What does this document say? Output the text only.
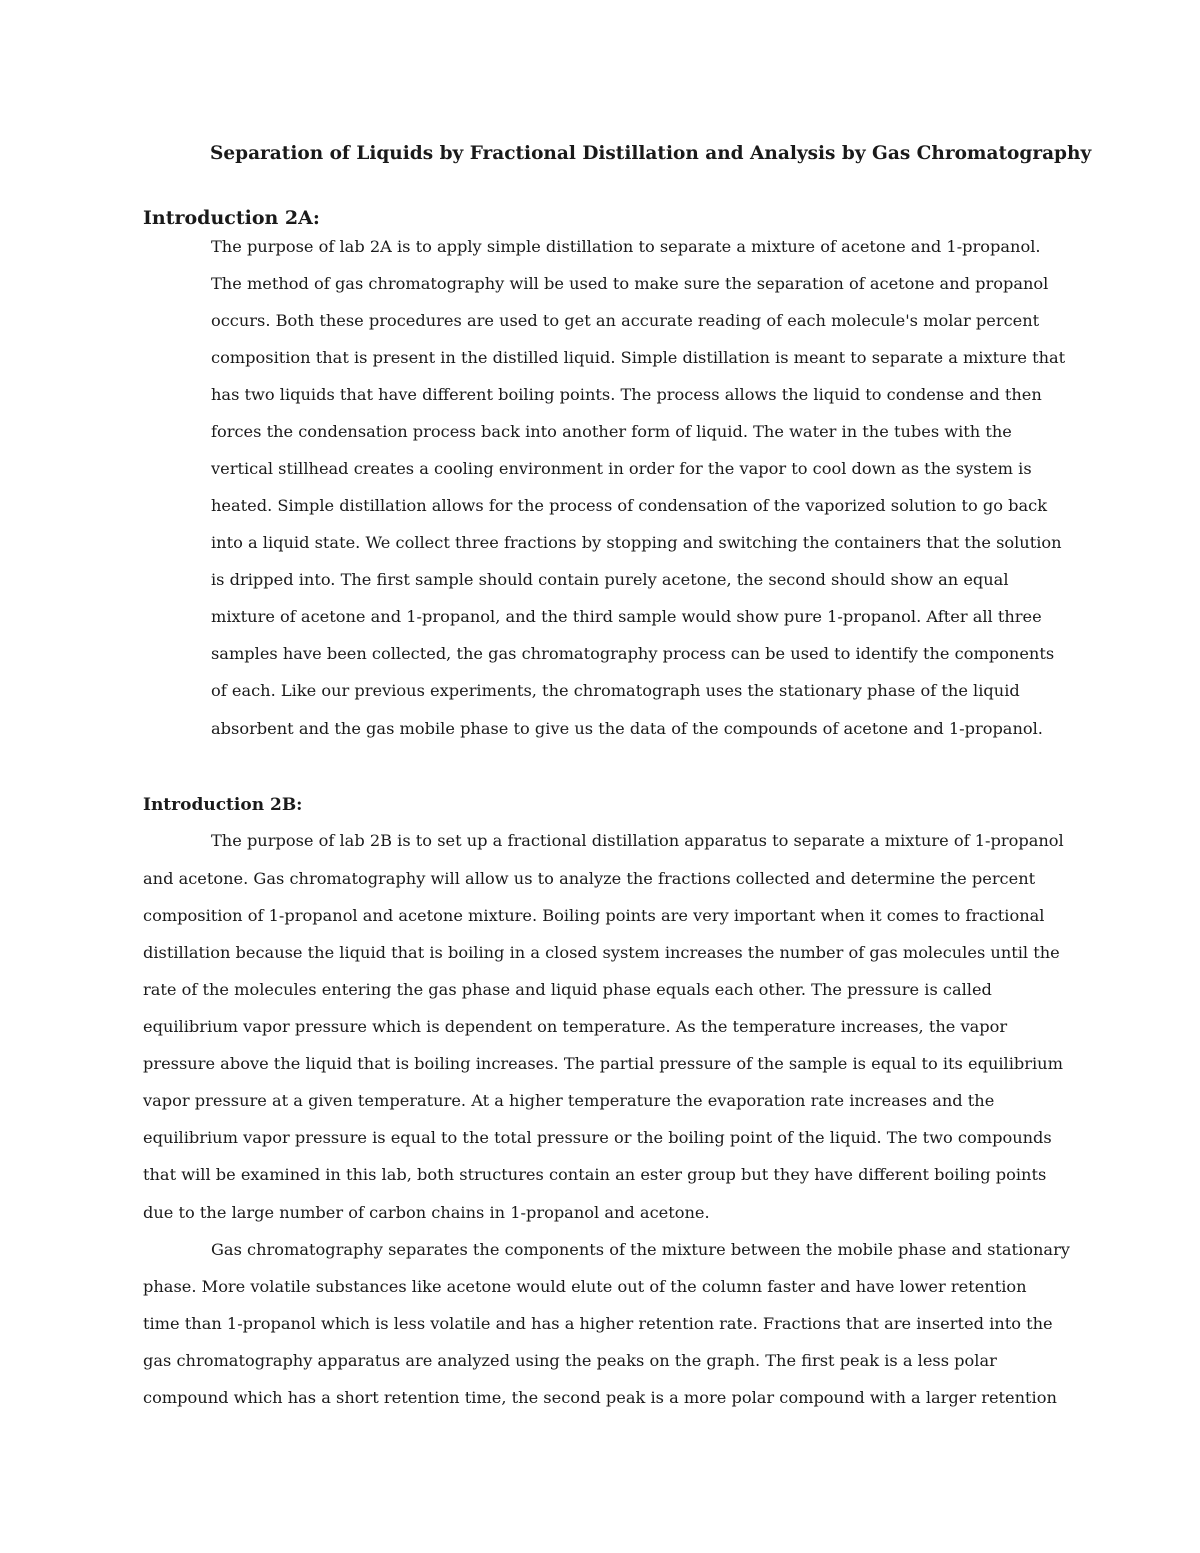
Separation of Liquids by Fractional Distillation and Analysis by Gas Chromatography
Introduction 2A:
The purpose of lab 2A is to apply simple distillation to separate a mixture of acetone and 1-propanol.
The method of gas chromatography will be used to make sure the separation of acetone and propanol
occurs. Both these procedures are used to get an accurate reading of each molecule's molar percent
composition that is present in the distilled liquid. Simple distillation is meant to separate a mixture that
has two liquids that have different boiling points. The process allows the liquid to condense and then
forces the condensation process back into another form of liquid. The water in the tubes with the
vertical stillhead creates a cooling environment in order for the vapor to cool down as the system is
heated. Simple distillation allows for the process of condensation of the vaporized solution to go back
into a liquid state. We collect three fractions by stopping and switching the containers that the solution
is dripped into. The first sample should contain purely acetone, the second should show an equal
mixture of acetone and 1-propanol, and the third sample would show pure 1-propanol. After all three
samples have been collected, the gas chromatography process can be used to identify the components
of each. Like our previous experiments, the chromatograph uses the stationary phase of the liquid
absorbent and the gas mobile phase to give us the data of the compounds of acetone and 1-propanol.
Introduction 2B:
The purpose of lab 2B is to set up a fractional distillation apparatus to separate a mixture of 1-propanol
and acetone. Gas chromatography will allow us to analyze the fractions collected and determine the percent
composition of 1-propanol and acetone mixture. Boiling points are very important when it comes to fractional
distillation because the liquid that is boiling in a closed system increases the number of gas molecules until the
rate of the molecules entering the gas phase and liquid phase equals each other. The pressure is called
equilibrium vapor pressure which is dependent on temperature. As the temperature increases, the vapor
pressure above the liquid that is boiling increases. The partial pressure of the sample is equal to its equilibrium
vapor pressure at a given temperature. At a higher temperature the evaporation rate increases and the
equilibrium vapor pressure is equal to the total pressure or the boiling point of the liquid. The two compounds
that will be examined in this lab, both structures contain an ester group but they have different boiling points
due to the large number of carbon chains in 1-propanol and acetone.
Gas chromatography separates the components of the mixture between the mobile phase and stationary
phase. More volatile substances like acetone would elute out of the column faster and have lower retention
time than 1-propanol which is less volatile and has a higher retention rate. Fractions that are inserted into the
gas chromatography apparatus are analyzed using the peaks on the graph. The first peak is a less polar
compound which has a short retention time, the second peak is a more polar compound with a larger retention
